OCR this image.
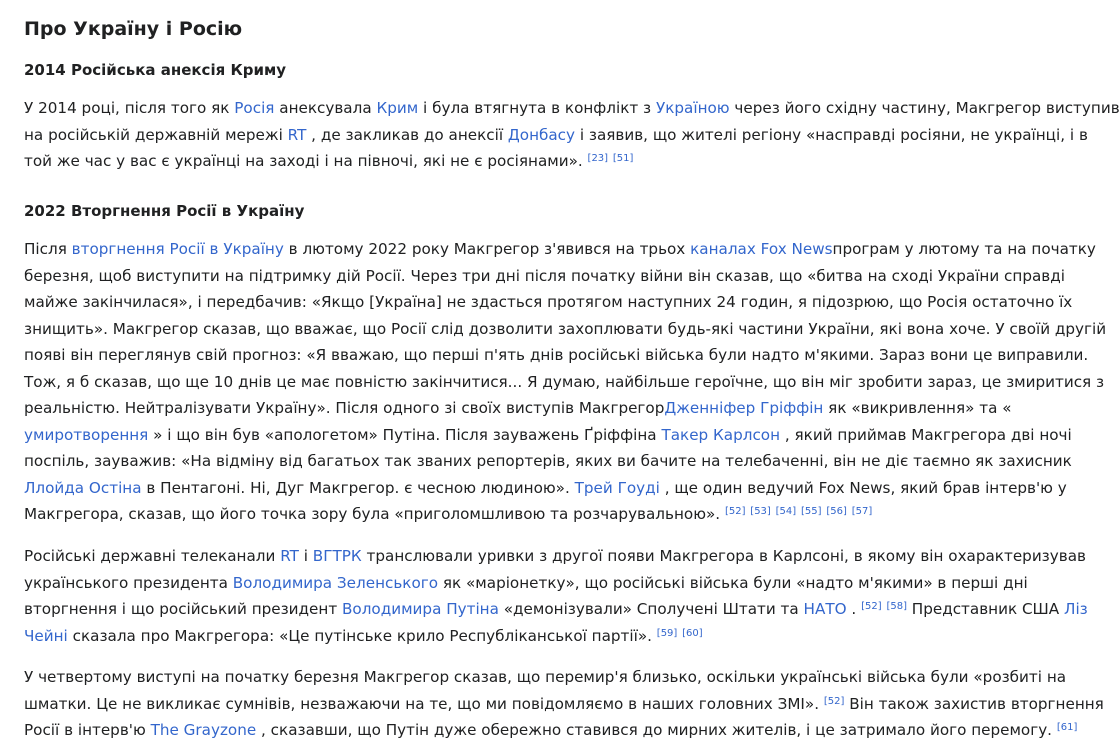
Про Україну і Росію
2014 Російська анексія Криму
У 2014 році, після того як Росія анексувала Крим і була втягнута в конфлікт з Україною через його східну частину, Макгрегор виступив
на російській державній мережі RT , де закликав до анексії Донбасу і заявив, що жителі регіону «насправді росіяни, не українці, і в
той же час у вас є українці на заході і на півночі, які не є росіянами». [23] [51]
2022 Вторгнення Росії в Україну
Після вторгнення Росії в Україну в лютому 2022 року Макгрегор з'явився на трьох каналах Fox Newsпрограм у лютому та на початку
березня, щоб виступити на підтримку дій Росії. Через три дні після початку війни він сказав, що «битва на сході України справді
майже закінчилася», і передбачив: «Якщо [Україна] не здасться протягом наступних 24 годин, я підозрюю, що Росія остаточно їх
знищить». Макгрегор сказав, що вважає, що Росії слід дозволити захоплювати будь-які частини України, які вона хоче. У своїй другій
появі він переглянув свій прогноз: «Я вважаю, що перші п'ять днів російські війська були надто м'якими. Зараз вони це виправили.
Тож, я б сказав, що ще 10 днів це має повністю закінчитися... Я думаю, найбільше героїчне, що він міг зробити зараз, це змиритися з
реальністю. Нейтралізувати Україну». Після одного зі своїх виступів МакгрегорДженніфер Гріффін як «викривлення» та «
умиротворення » і що він був «апологетом» Путіна. Після зауважень Ґріффіна Такер Карлсон , який приймав Макгрегора дві ночі
поспіль, зауважив: «На відміну від багатьох так званих репортерів, яких ви бачите на телебаченні, він не діє таємно як захисник
Ллойда Остіна в Пентагоні. Ні, Дуг Макгрегор. є чесною людиною». Трей Гоуді , ще один ведучий Fox News, який брав інтерв'ю у
Макгрегора, сказав, що його точка зору була «приголомшливою та розчарувальною». [52] [53] [54] [55] [56] [57]
Російські державні телеканали RT і ВГТРК транслювали уривки з другої появи Макгрегора в Карлсоні, в якому він охарактеризував
українського президента Володимира Зеленського як «маріонетку», що російські війська були «надто м'якими» в перші дні
вторгнення і що російський президент Володимира Путіна «демонізували» Сполучені Штати та НАТО . [52] [58] Представник США Ліз
Чейні сказала про Макгрегора: «Це путінське крило Республіканської партії». [59] [60]
У четвертому виступі на початку березня Макгрегор сказав, що перемир'я близько, оскільки українські війська були «розбиті на
шматки. Це не викликає сумнівів, незважаючи на те, що ми повідомляємо в наших головних ЗМІ». [52] Він також захистив вторгнення
Росії в інтерв'ю The Grayzone , сказавши, що Путін дуже обережно ставився до мирних жителів, і це затримало його перемогу. [61]
